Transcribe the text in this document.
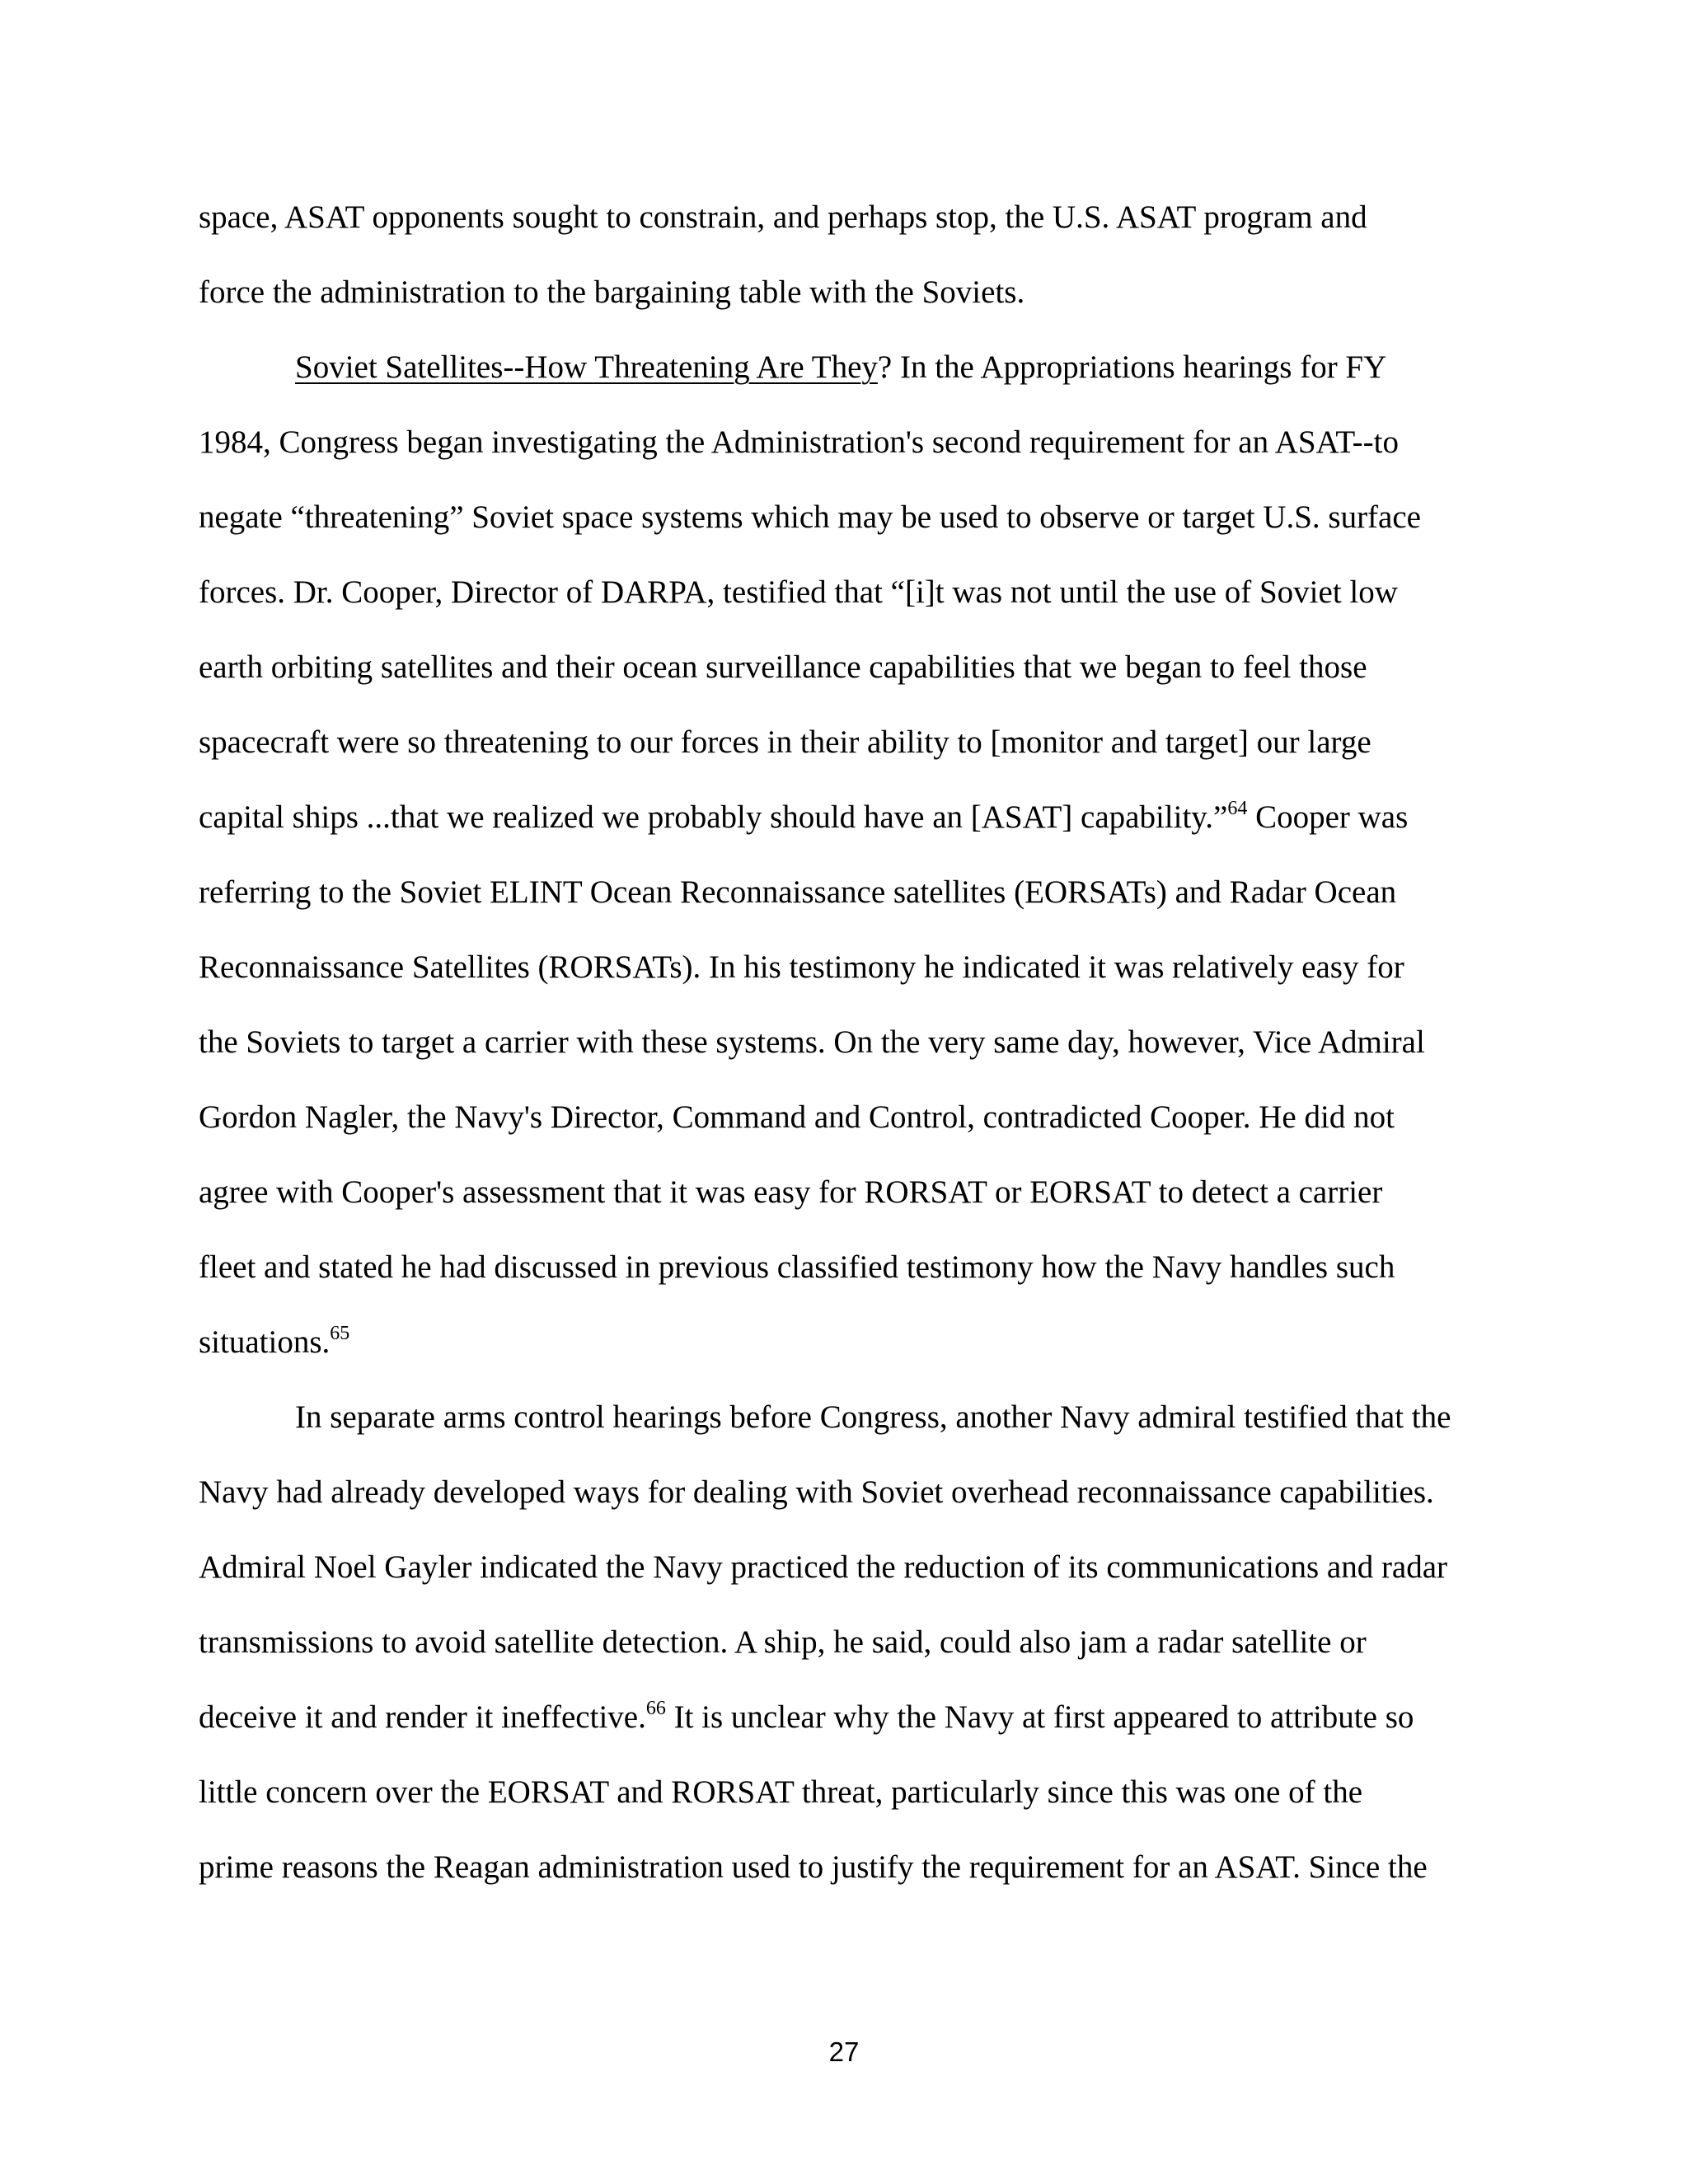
space, ASAT opponents sought to constrain, and perhaps stop, the U.S. ASAT program and

force the administration to the bargaining table with the Soviets.

Soviet Satellites--How Threatening Are They? In the Appropriations hearings for FY

1984, Congress began investigating the Administration's second requirement for an ASAT--to

negate “threatening” Soviet space systems which may be used to observe or target U.S. surface

forces. Dr. Cooper, Director of DARPA, testified that “[i]t was not until the use of Soviet low

earth orbiting satellites and their ocean surveillance capabilities that we began to feel those

spacecraft were so threatening to our forces in their ability to [monitor and target] our large

capital ships ...that we realized we probably should have an [ASAT] capability.”$^{64}$ Cooper was

referring to the Soviet ELINT Ocean Reconnaissance satellites (EORSATs) and Radar Ocean

Reconnaissance Satellites (RORSATs). In his testimony he indicated it was relatively easy for

the Soviets to target a carrier with these systems. On the very same day, however, Vice Admiral

Gordon Nagler, the Navy's Director, Command and Control, contradicted Cooper. He did not

agree with Cooper's assessment that it was easy for RORSAT or EORSAT to detect a carrier

fleet and stated he had discussed in previous classified testimony how the Navy handles such

situations.$^{65}$

In separate arms control hearings before Congress, another Navy admiral testified that the

Navy had already developed ways for dealing with Soviet overhead reconnaissance capabilities.

Admiral Noel Gayler indicated the Navy practiced the reduction of its communications and radar

transmissions to avoid satellite detection. A ship, he said, could also jam a radar satellite or

deceive it and render it ineffective.$^{66}$ It is unclear why the Navy at first appeared to attribute so

little concern over the EORSAT and RORSAT threat, particularly since this was one of the

prime reasons the Reagan administration used to justify the requirement for an ASAT. Since the

27
